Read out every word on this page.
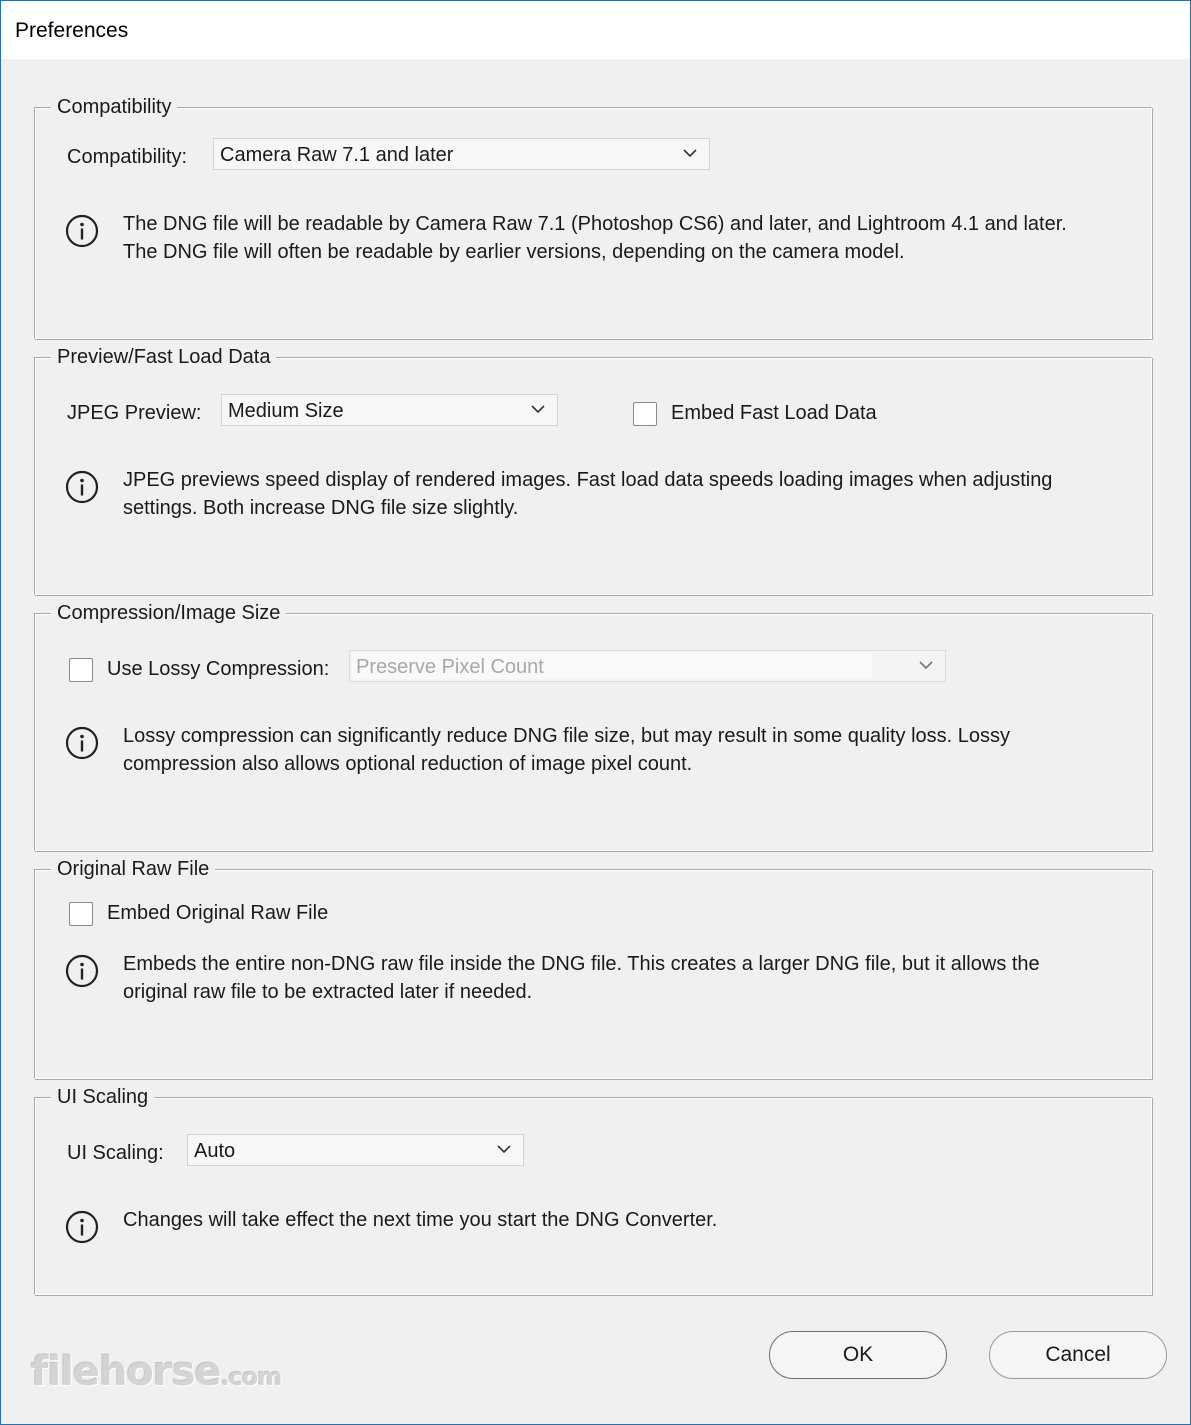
Preferences
Compatibility
Compatibility: Camera Raw 7.1 and later
The DNG file will be readable by Camera Raw 7.1 (Photoshop CS6) and later, and Lightroom 4.1 and later.
The DNG file will often be readable by earlier versions, depending on the camera model.
Preview/Fast Load Data
JPEG Preview: Medium Size	Embed Fast Load Data
JPEG previews speed display of rendered images. Fast load data speeds loading images when adjusting
settings. Both increase DNG file size slightly.
Compression/Image Size
Use Lossy Compression: Preserve Pixel Count
Lossy compression can significantly reduce DNG file size, but may result in some quality loss. Lossy
compression also allows optional reduction of image pixel count.
Original Raw File
Embed Original Raw File
Embeds the entire non-DNG raw file inside the DNG file. This creates a larger DNG file, but it allows the
original raw file to be extracted later if needed.
UI Scaling
UI Scaling: Auto
Changes will take effect the next time you start the DNG Converter.
OK	Cancel
filehorse.com
